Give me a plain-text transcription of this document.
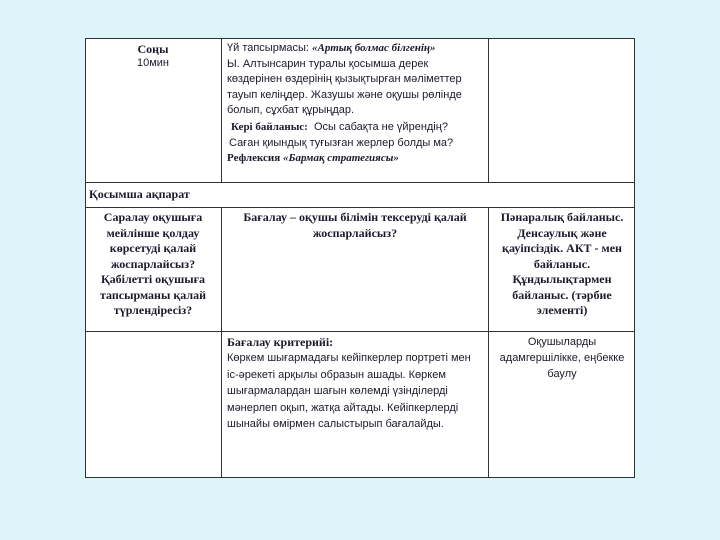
Соңы
10мин
Үй тапсырмасы: «Артық болмас білгенің»
Ы. Алтынсарин туралы қосымша дерек көздерінен өздерінің қызықтырған мәліметтер тауып келіңдер. Жазушы және оқушы рөлінде болып, сұхбат құрыңдар.
Кері байланыс: Осы сабақта не үйрендің?
Саған қиындық туғызған жерлер болды ма?
Рефлексия «Бармақ стратегиясы»
Қосымша ақпарат
Саралау оқушыға мейлінше қолдау көрсетуді қалай жоспарлайсыз? Қабілетті оқушыға тапсырманы қалай түрлендіресіз?
Бағалау – оқушы білімін тексеруді қалай жоспарлайсыз?
Пәнаралық байланыс. Денсаулық және қауіпсіздік. АКТ - мен байланыс. Құндылықтармен байланыс. (тәрбие элементі)
Бағалау критерийі:
Көркем шығармадағы кейіпкерлер портреті мен іс-әрекеті арқылы образын ашады. Көркем шығармалардан шағын көлемді үзінділерді мәнерлеп оқып, жатқа айтады. Кейіпкерлерді шынайы өмірмен салыстырып бағалайды.
Оқушыларды адамгершілікке, еңбекке баулу
